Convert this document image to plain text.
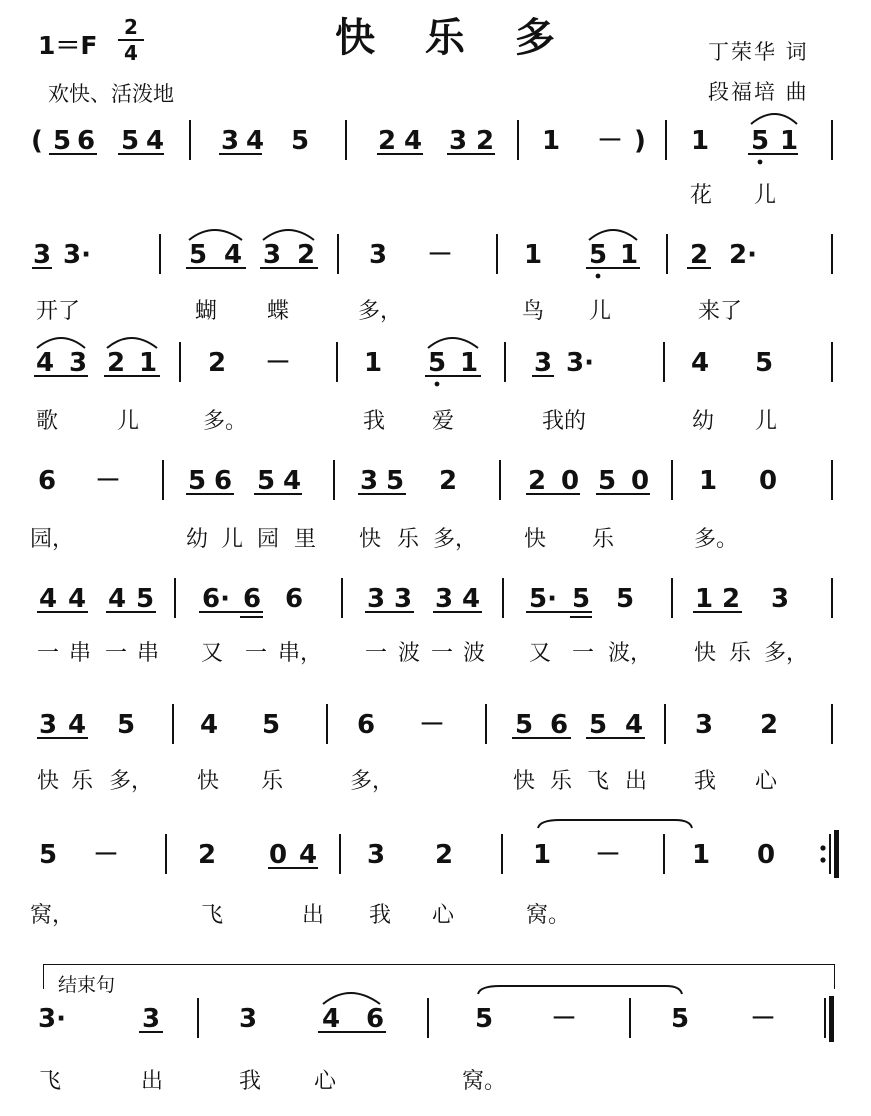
快 乐 多
1＝F
2
4
欢快、活泼地
丁荣华 词
段福培 曲
( 5 6 5 4 3 4 5	2 4 3 2 1 － ) 1 5 1
花 儿
3 3·	5 4 3 2 3 －	1 5 1 2 2·
开了	蝴 蝶	多，	鸟 儿	来了
4 3 2 1 2 －	1 5 1 3 3·	4 5
歌	儿	多。	我 爱	我的	幼 儿
6 －	5 6 5 4 3 5 2	2 0 5 0 1 0
园，	幼 儿 园 里 快 乐 多， 快 乐	多。
4 4 4 5 6· 6 6 3 3 3 4 5· 5 5 1 2 3
一 串 一 串 又 一 串， 一 波 一 波 又 一 波， 快 乐 多，
3 4 5 4 5	6 －	5 6 5 4 3 2
快 乐 多， 快 乐	多，	快 乐 飞 出 我 心
5 －	2 0 4 3 2	1 －	1 0
窝，	飞	出 我 心	窝。
结束句
3·	3	3 4 6	5 －	5 －
飞	出	我 心	窝。
